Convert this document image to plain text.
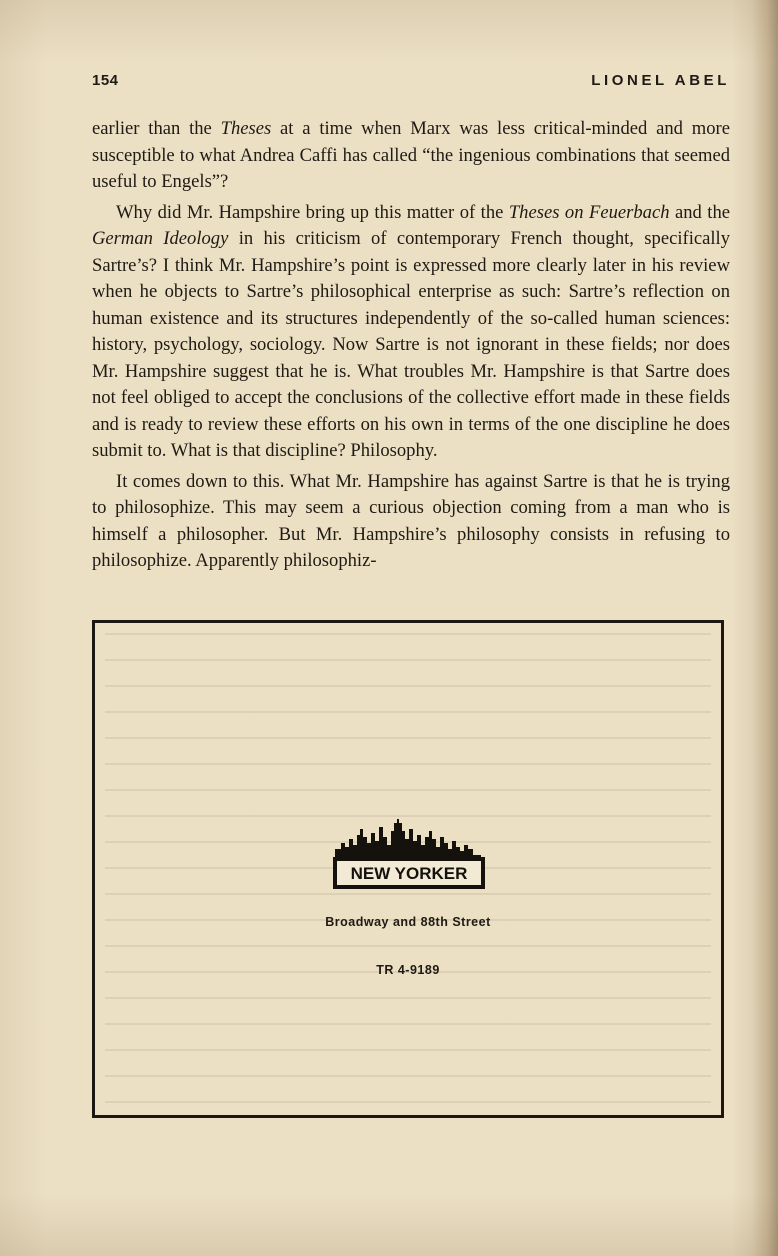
154	LIONEL ABEL

earlier than the Theses at a time when Marx was less critical-minded and more susceptible to what Andrea Caffi has called “the ingenious combinations that seemed useful to Engels”?

Why did Mr. Hampshire bring up this matter of the Theses on Feuerbach and the German Ideology in his criticism of contemporary French thought, specifically Sartre’s? I think Mr. Hampshire’s point is expressed more clearly later in his review when he objects to Sartre’s philosophical enterprise as such: Sartre’s reflection on human existence and its structures independently of the so-called human sciences: history, psychology, sociology. Now Sartre is not ignorant in these fields; nor does Mr. Hampshire suggest that he is. What troubles Mr. Hampshire is that Sartre does not feel obliged to accept the conclusions of the collective effort made in these fields and is ready to review these efforts on his own in terms of the one discipline he does submit to. What is that discipline? Philosophy.

It comes down to this. What Mr. Hampshire has against Sartre is that he is trying to philosophize. This may seem a curious objection coming from a man who is himself a philosopher. But Mr. Hampshire’s philosophy consists in refusing to philosophize. Apparently philosophiz-

NEW YORKER
Broadway and 88th Street
TR 4-9189
